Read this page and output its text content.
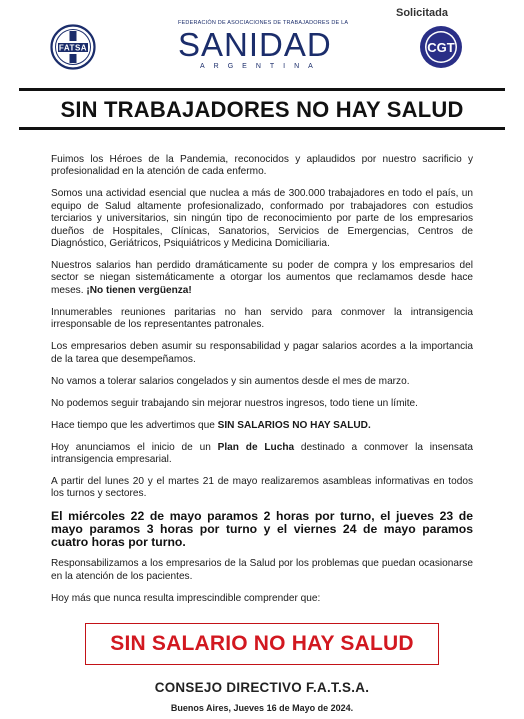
FATSA
FEDERACIÓN DE ASOCIACIONES DE TRABAJADORES DE LA
SANIDAD
ARGENTINA
Solicitada
CGT
SIN TRABAJADORES NO HAY SALUD

Fuimos los Héroes de la Pandemia, reconocidos y aplaudidos por nuestro sacrificio y profesionalidad en la atención de cada enfermo.

Somos una actividad esencial que nuclea a más de 300.000 trabajadores en todo el país, un equipo de Salud altamente profesionalizado, conformado por trabajadores con estudios terciarios y universitarios, sin ningún tipo de reconocimiento por parte de los empresarios dueños de Hospitales, Clínicas, Sanatorios, Servicios de Emergencias, Centros de Diagnóstico, Geriátricos, Psiquiátricos y Medicina Domiciliaria.

Nuestros salarios han perdido dramáticamente su poder de compra y los empresarios del sector se niegan sistemáticamente a otorgar los aumentos que reclamamos desde hace meses. ¡No tienen vergüenza!

Innumerables reuniones paritarias no han servido para conmover la intransigencia irresponsable de los representantes patronales.

Los empresarios deben asumir su responsabilidad y pagar salarios acordes a la importancia de la tarea que desempeñamos.

No vamos a tolerar salarios congelados y sin aumentos desde el mes de marzo.

No podemos seguir trabajando sin mejorar nuestros ingresos, todo tiene un límite.

Hace tiempo que les advertimos que SIN SALARIOS NO HAY SALUD.

Hoy anunciamos el inicio de un Plan de Lucha destinado a conmover la insensata intransigencia empresarial.

A partir del lunes 20 y el martes 21 de mayo realizaremos asambleas informativas en todos los turnos y sectores.

El miércoles 22 de mayo paramos 2 horas por turno, el jueves 23 de mayo paramos 3 horas por turno y el viernes 24 de mayo paramos cuatro horas por turno.

Responsabilizamos a los empresarios de la Salud por los problemas que puedan ocasionarse en la atención de los pacientes.

Hoy más que nunca resulta imprescindible comprender que:

SIN SALARIO NO HAY SALUD
CONSEJO DIRECTIVO F.A.T.S.A.
Buenos Aires, Jueves 16 de Mayo de 2024.
